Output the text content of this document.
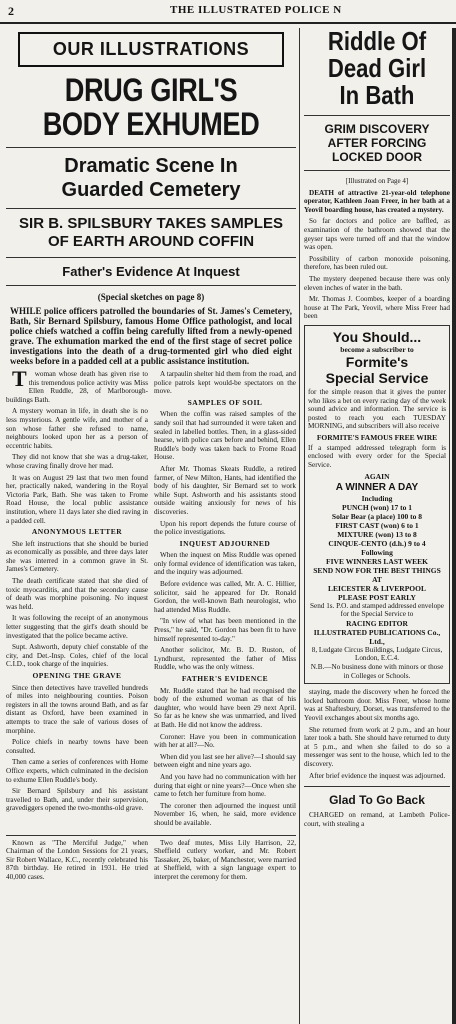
2	THE ILLUSTRATED POLICE N
OUR ILLUSTRATIONS
DRUG GIRL'S
BODY EXHUMED
Dramatic Scene In
Guarded Cemetery
SIR B. SPILSBURY TAKES SAMPLES
OF EARTH AROUND COFFIN
Father's Evidence At Inquest
(Special sketches on page 8)
WHILE police officers patrolled the boundaries of St. James's Cemetery, Bath, Sir Bernard Spilsbury, famous Home Office pathologist, and local police chiefs watched a coffin being carefully lifted from a newly-opened grave. The exhumation marked the end of the first stage of secret police investigations into the death of a drug-tormented girl who died eight weeks before in a padded cell at a public assistance institution.

T woman whose death has given rise to this tremendous police activity was Miss Ellen Ruddle, 28, of Marlborough-buildings Bath.

A mystery woman in life, in death she is no less mysterious. A gentle wife, and mother of a son whose father she refused to name, neighbours looked upon her as a person of eccentric habits.

They did not know that she was a drug-taker, whose craving finally drove her mad.

It was on August 29 last that two men found her, practically naked, wandering in the Royal Victoria Park, Bath. She was taken to Frome Road House, the local public assistance institution, where 11 days later she died raving in a padded cell.

ANONYMOUS LETTER

She left instructions that she should be buried as economically as possible, and three days later she was interred in a common grave in St. James's Cemetery.

The death certificate stated that she died of toxic myocarditis, and that the secondary cause of death was morphine poisoning. No inquest was held.

It was following the receipt of an anonymous letter suggesting that the girl's death should be investigated that the police became active.

Supt. Ashworth, deputy chief constable of the city, and Det.-Insp. Coles, chief of the local C.I.D., took charge of the inquiries.

OPENING THE GRAVE

Since then detectives have travelled hundreds of miles into neighbouring counties. Poison registers in all the towns around Bath, and as far distant as Oxford, have been examined in attempts to trace the sale of various doses of morphine.

Police chiefs in nearby towns have been consulted.

Then came a series of conferences with Home Office experts, which culminated in the decision to exhume Ellen Ruddle's body.

Sir Bernard Spilsbury and his assistant travelled to Bath, and, under their supervision, gravediggers opened the two-months-old grave.

A tarpaulin shelter hid them from the road, and police patrols kept would-be spectators on the move.

SAMPLES OF SOIL

When the coffin was raised samples of the sandy soil that had surrounded it were taken and sealed in labelled bottles. Then, in a glass-sided hearse, with police cars before and behind, Ellen Ruddle's body was taken back to Frome Road House.

After Mr. Thomas Skeats Ruddle, a retired farmer, of New Milton, Hants, had identified the body of his daughter, Sir Bernard set to work while Supt. Ashworth and his assistants stood outside waiting anxiously for news of his discoveries.

Upon his report depends the future course of the police investigations.

INQUEST ADJOURNED

When the inquest on Miss Ruddle was opened only formal evidence of identification was taken, and the inquiry was adjourned.

Before evidence was called, Mr. A. C. Hillier, solicitor, said he appeared for Dr. Ronald Gordon, the well-known Bath neurologist, who had attended Miss Ruddle.

"In view of what has been mentioned in the Press," he said, "Dr. Gordon has been fit to have himself represented to-day."

Another solicitor, Mr. B. D. Ruston, of Lyndhurst, represented the father of Miss Ruddle, who was the only witness.

FATHER'S EVIDENCE

Mr. Ruddle stated that he had recognised the body of the exhumed woman as that of his daughter, who would have been 29 next April. So far as he knew she was unmarried, and lived at Bath. He did not know the address.

Coroner: Have you been in communication with her at all?—No.

When did you last see her alive?—I should say between eight and nine years ago.

And you have had no communication with her during that eight or nine years?—Once when she came to fetch her furniture from home.

The coroner then adjourned the inquest until November 16, when, he said, more evidence should be available.

Known as "The Merciful Judge," when Chairman of the London Sessions for 21 years, Sir Robert Wallace, K.C., recently celebrated his 87th birthday. He retired in 1931. He tried 40,000 cases.

Two deaf mutes, Miss Lily Harrison, 22, Sheffield cutlery worker, and Mr. Robert Tassaker, 26, baker, of Manchester, were married at Sheffield, with a sign language expert to interpret the ceremony for them.

Riddle Of
Dead Girl
In Bath
GRIM DISCOVERY AFTER FORCING LOCKED DOOR
[Illustrated on Page 4]

DEATH of attractive 21-year-old telephone operator, Kathleen Joan Freer, in her bath at a Yeovil boarding house, has created a mystery.

So far doctors and police are baffled, as examination of the bathroom showed that the geyser taps were turned off and that the window was open.

Possibility of carbon monoxide poisoning, therefore, has been ruled out.

The mystery deepened because there was only eleven inches of water in the bath.

Mr. Thomas J. Coombes, keeper of a boarding house at The Park, Yeovil, where Miss Freer had been

You Should...
become a subscriber to
Formite's
Special Service
for the simple reason that it gives the punter who likes a bet on every racing day of the week sound advice and information. The service is posted to reach you each TUESDAY MORNING, and subscribers will also receive
FORMITE'S FAMOUS FREE WIRE
If a stamped addressed telegraph form is enclosed with every order for the Special Service.
AGAIN
A WINNER A DAY
Including
PUNCH (won) 17 to 1
Solar Bear (a place) 100 to 8
FIRST CAST (won) 6 to 1
MIXTURE (won) 13 to 8
CINQUE-CENTO (d.h.) 9 to 4
Following
FIVE WINNERS LAST WEEK
SEND NOW FOR THE BEST THINGS AT
LEICESTER & LIVERPOOL
PLEASE POST EARLY
Send 1s. P.O. and stamped addressed envelope for the Special Service to
RACING EDITOR
ILLUSTRATED PUBLICATIONS Co., Ltd.,
8, Ludgate Circus Buildings, Ludgate Circus, London, E.C.4.
N.B.—No business done with minors or those in Colleges or Schools.

staying, made the discovery when he forced the locked bathroom door. Miss Freer, whose home was at Shaftesbury, Dorset, was transferred to the Yeovil exchanges about six months ago.

She returned from work at 2 p.m., and an hour later took a bath. She should have returned to duty at 5 p.m., and when she failed to do so a messenger was sent to the house, which led to the discovery.

After brief evidence the inquest was adjourned.

Glad To Go Back

CHARGED on remand, at Lambeth Police-court, with stealing a
